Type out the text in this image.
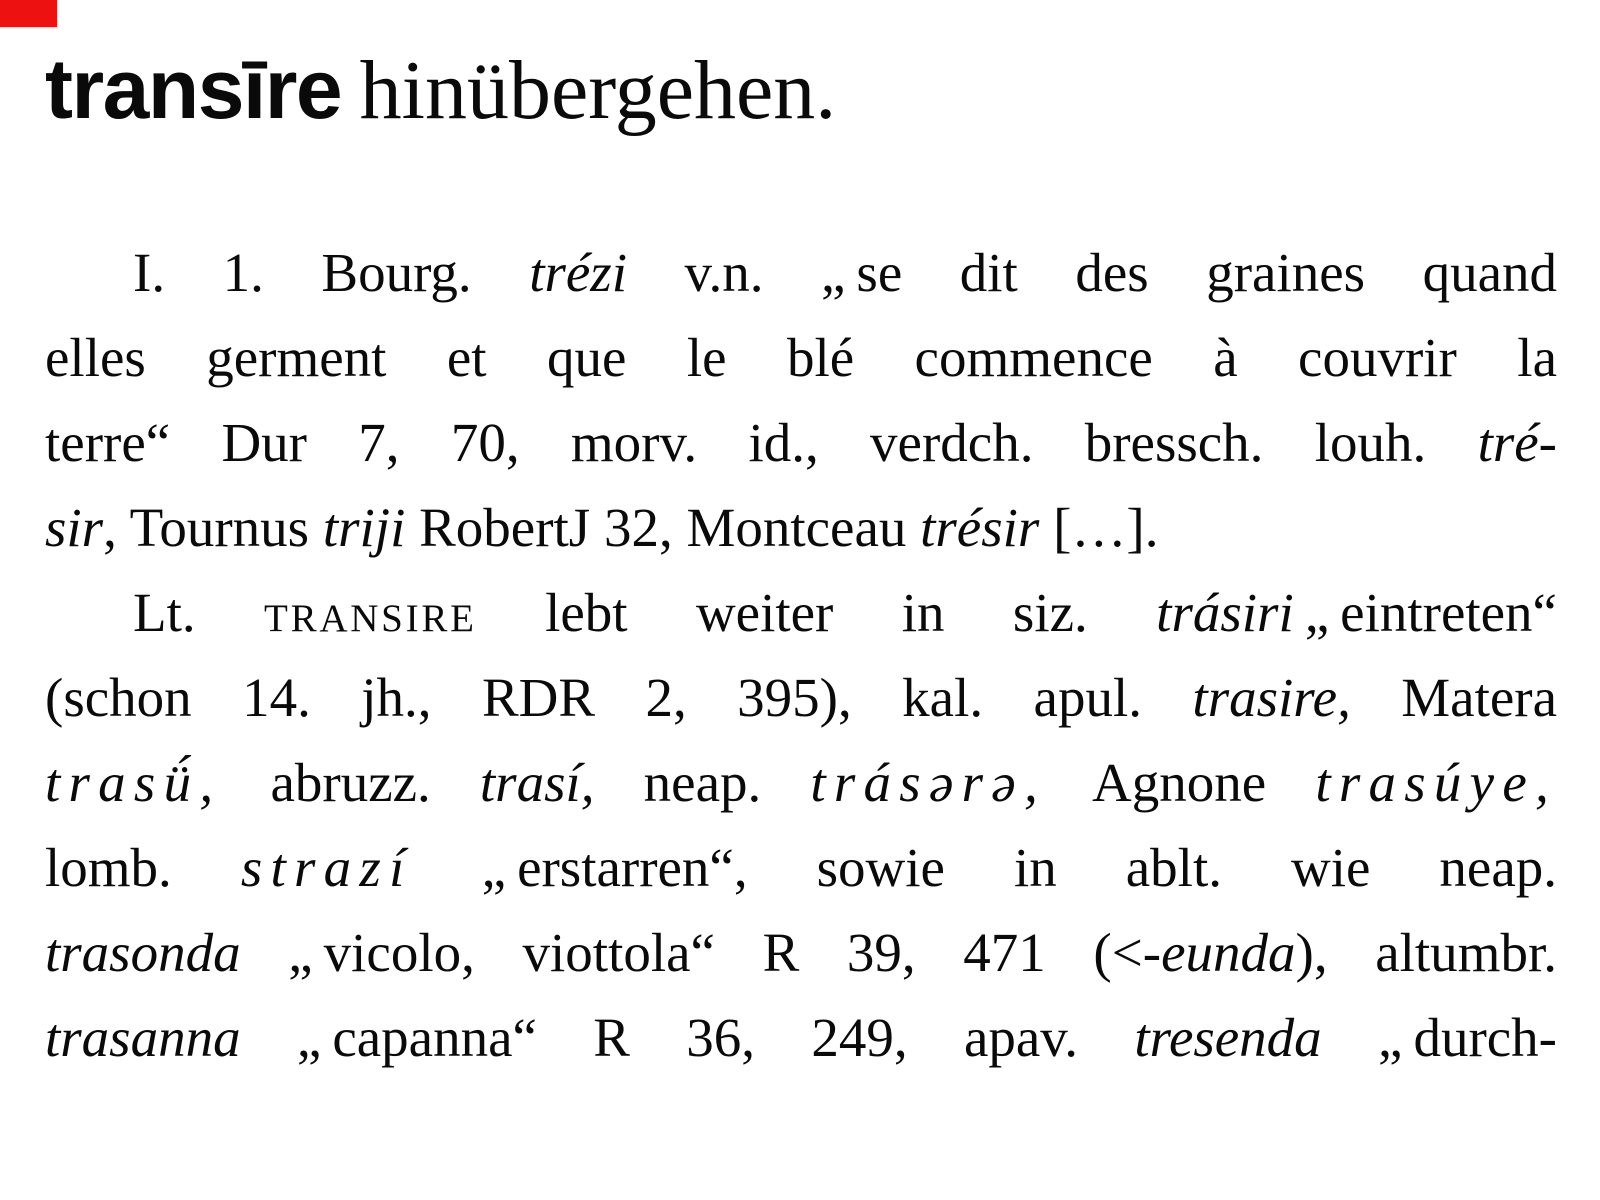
transīre hinübergehen.
I. 1. Bourg. trézi v.n. „ se dit des graines quand
elles germent et que le blé commence à couvrir la
terre“ Dur 7, 70, morv. id., verdch. bressch. louh. tré-
sir, Tournus triji RobertJ 32, Montceau trésir […].
Lt. transire lebt weiter in siz. trásiri „ eintreten“
(schon 14. jh., RDR 2, 395), kal. apul. trasire, Matera
trasǘ, abruzz. trasí, neap. trásərə, Agnone trasúye,
lomb. strazí „ erstarren“, sowie in ablt. wie neap.
trasonda „ vicolo, viottola“ R 39, 471 (<-eunda), altumbr.
trasanna „ capanna“ R 36, 249, apav. tresenda „ durch-
